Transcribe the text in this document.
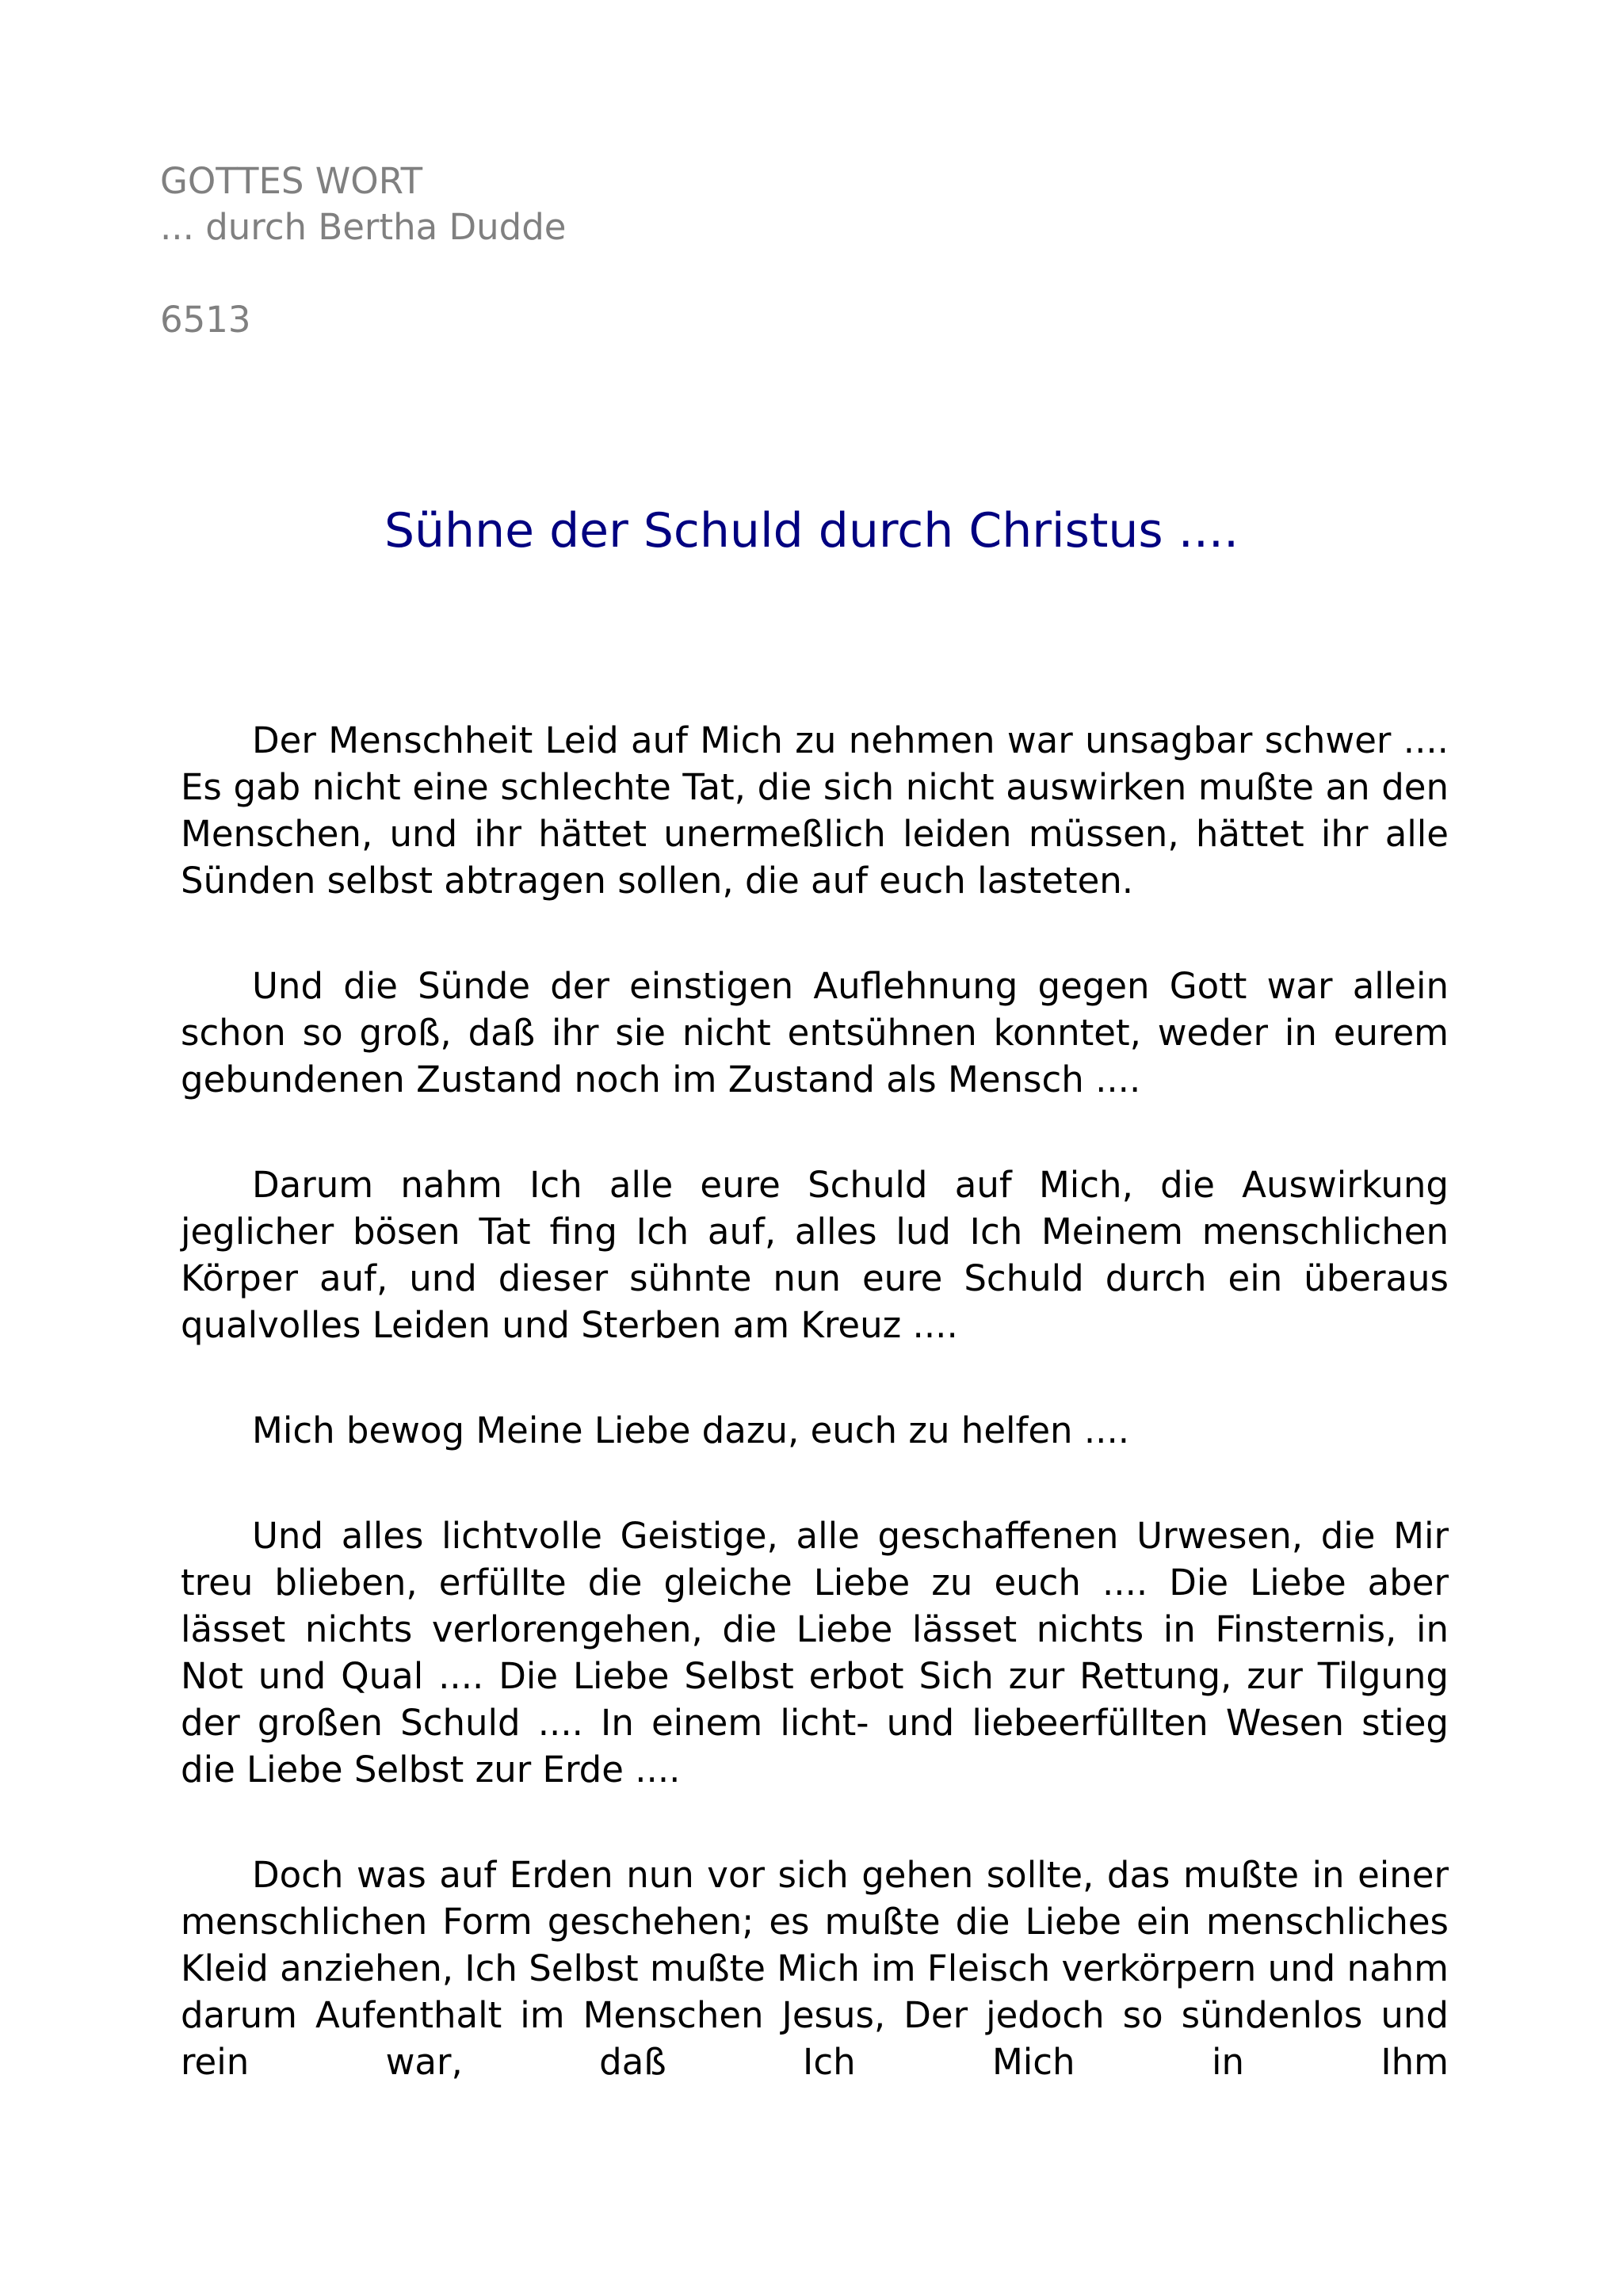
GOTTES WORT
... durch Bertha Dudde
6513
Sühne der Schuld durch Christus ....

Der Menschheit Leid auf Mich zu nehmen war unsagbar schwer .... Es gab nicht eine schlechte Tat, die sich nicht auswirken mußte an den Menschen, und ihr hättet unermeßlich leiden müssen, hättet ihr alle Sünden selbst abtragen sollen, die auf euch lasteten.

Und die Sünde der einstigen Auflehnung gegen Gott war allein schon so groß, daß ihr sie nicht entsühnen konntet, weder in eurem gebundenen Zustand noch im Zustand als Mensch ....

Darum nahm Ich alle eure Schuld auf Mich, die Auswirkung jeglicher bösen Tat fing Ich auf, alles lud Ich Meinem menschlichen Körper auf, und dieser sühnte nun eure Schuld durch ein überaus qualvolles Leiden und Sterben am Kreuz ....

Mich bewog Meine Liebe dazu, euch zu helfen ....

Und alles lichtvolle Geistige, alle geschaffenen Urwesen, die Mir treu blieben, erfüllte die gleiche Liebe zu euch .... Die Liebe aber lässet nichts verlorengehen, die Liebe lässet nichts in Finsternis, in Not und Qual .... Die Liebe Selbst erbot Sich zur Rettung, zur Tilgung der großen Schuld .... In einem licht- und liebeerfüllten Wesen stieg die Liebe Selbst zur Erde ....

Doch was auf Erden nun vor sich gehen sollte, das mußte in einer menschlichen Form geschehen; es mußte die Liebe ein menschliches Kleid anziehen, Ich Selbst mußte Mich im Fleisch verkörpern und nahm darum Aufenthalt im Menschen Jesus, Der jedoch so sündenlos und rein war, daß Ich Mich in Ihm
